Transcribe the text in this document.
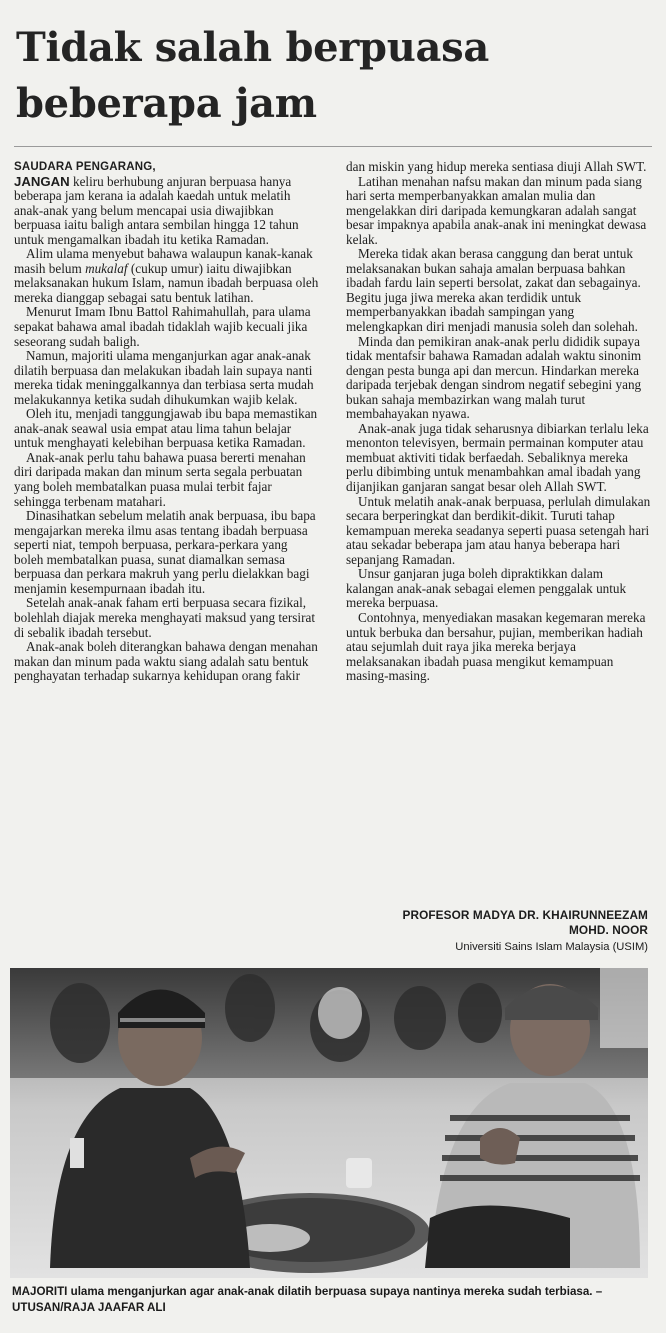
Tidak salah berpuasa
beberapa jam

SAUDARA PENGARANG,

JANGAN keliru berhubung anjuran berpuasa hanya beberapa jam kerana ia adalah kaedah untuk melatih anak-anak yang belum mencapai usia diwajibkan berpuasa iaitu baligh antara sembilan hingga 12 tahun untuk mengamalkan ibadah itu ketika Ramadan.

Alim ulama menyebut bahawa walaupun kanak-kanak masih belum mukalaf (cukup umur) iaitu diwajibkan melaksanakan hukum Islam, namun ibadah berpuasa oleh mereka dianggap sebagai satu bentuk latihan.

Menurut Imam Ibnu Battol Rahimahullah, para ulama sepakat bahawa amal ibadah tidaklah wajib kecuali jika seseorang sudah baligh.

Namun, majoriti ulama menganjurkan agar anak-anak dilatih berpuasa dan melakukan ibadah lain supaya nanti mereka tidak meninggalkannya dan terbiasa serta mudah melakukannya ketika sudah dihukumkan wajib kelak.

Oleh itu, menjadi tanggungjawab ibu bapa memastikan anak-anak seawal usia empat atau lima tahun belajar untuk menghayati kelebihan berpuasa ketika Ramadan.

Anak-anak perlu tahu bahawa puasa bererti menahan diri daripada makan dan minum serta segala perbuatan yang boleh membatalkan puasa mulai terbit fajar sehingga terbenam matahari.

Dinasihatkan sebelum melatih anak berpuasa, ibu bapa mengajarkan mereka ilmu asas tentang ibadah berpuasa seperti niat, tempoh berpuasa, perkara-perkara yang boleh membatalkan puasa, sunat diamalkan semasa berpuasa dan perkara makruh yang perlu dielakkan bagi menjamin kesempurnaan ibadah itu.

Setelah anak-anak faham erti berpuasa secara fizikal, bolehlah diajak mereka menghayati maksud yang tersirat di sebalik ibadah tersebut.

Anak-anak boleh diterangkan bahawa dengan menahan makan dan minum pada waktu siang adalah satu bentuk penghayatan terhadap sukarnya kehidupan orang fakir

dan miskin yang hidup mereka sentiasa diuji Allah SWT.

Latihan menahan nafsu makan dan minum pada siang hari serta memperbanyakkan amalan mulia dan mengelakkan diri daripada kemungkaran adalah sangat besar impaknya apabila anak-anak ini meningkat dewasa kelak.

Mereka tidak akan berasa canggung dan berat untuk melaksanakan bukan sahaja amalan berpuasa bahkan ibadah fardu lain seperti bersolat, zakat dan sebagainya. Begitu juga jiwa mereka akan terdidik untuk memperbanyakkan ibadah sampingan yang melengkapkan diri menjadi manusia soleh dan solehah.

Minda dan pemikiran anak-anak perlu dididik supaya tidak mentafsir bahawa Ramadan adalah waktu sinonim dengan pesta bunga api dan mercun. Hindarkan mereka daripada terjebak dengan sindrom negatif sebegini yang bukan sahaja membazirkan wang malah turut membahayakan nyawa.

Anak-anak juga tidak seharusnya dibiarkan terlalu leka menonton televisyen, bermain permainan komputer atau membuat aktiviti tidak berfaedah. Sebaliknya mereka perlu dibimbing untuk menambahkan amal ibadah yang dijanjikan ganjaran sangat besar oleh Allah SWT.

Untuk melatih anak-anak berpuasa, perlulah dimulakan secara berperingkat dan berdikit-dikit. Turuti tahap kemampuan mereka seadanya seperti puasa setengah hari atau sekadar beberapa jam atau hanya beberapa hari sepanjang Ramadan.

Unsur ganjaran juga boleh dipraktikkan dalam kalangan anak-anak sebagai elemen penggalak untuk mereka berpuasa.

Contohnya, menyediakan masakan kegemaran mereka untuk berbuka dan bersahur, pujian, memberikan hadiah atau sejumlah duit raya jika mereka berjaya melaksanakan ibadah puasa mengikut kemampuan masing-masing.

PROFESOR MADYA DR. KHAIRUNNEEZAM
MOHD. NOOR
Universiti Sains Islam Malaysia (USIM)

MAJORITI ulama menganjurkan agar anak-anak dilatih berpuasa supaya nantinya mereka sudah terbiasa. – UTUSAN/RAJA JAAFAR ALI
